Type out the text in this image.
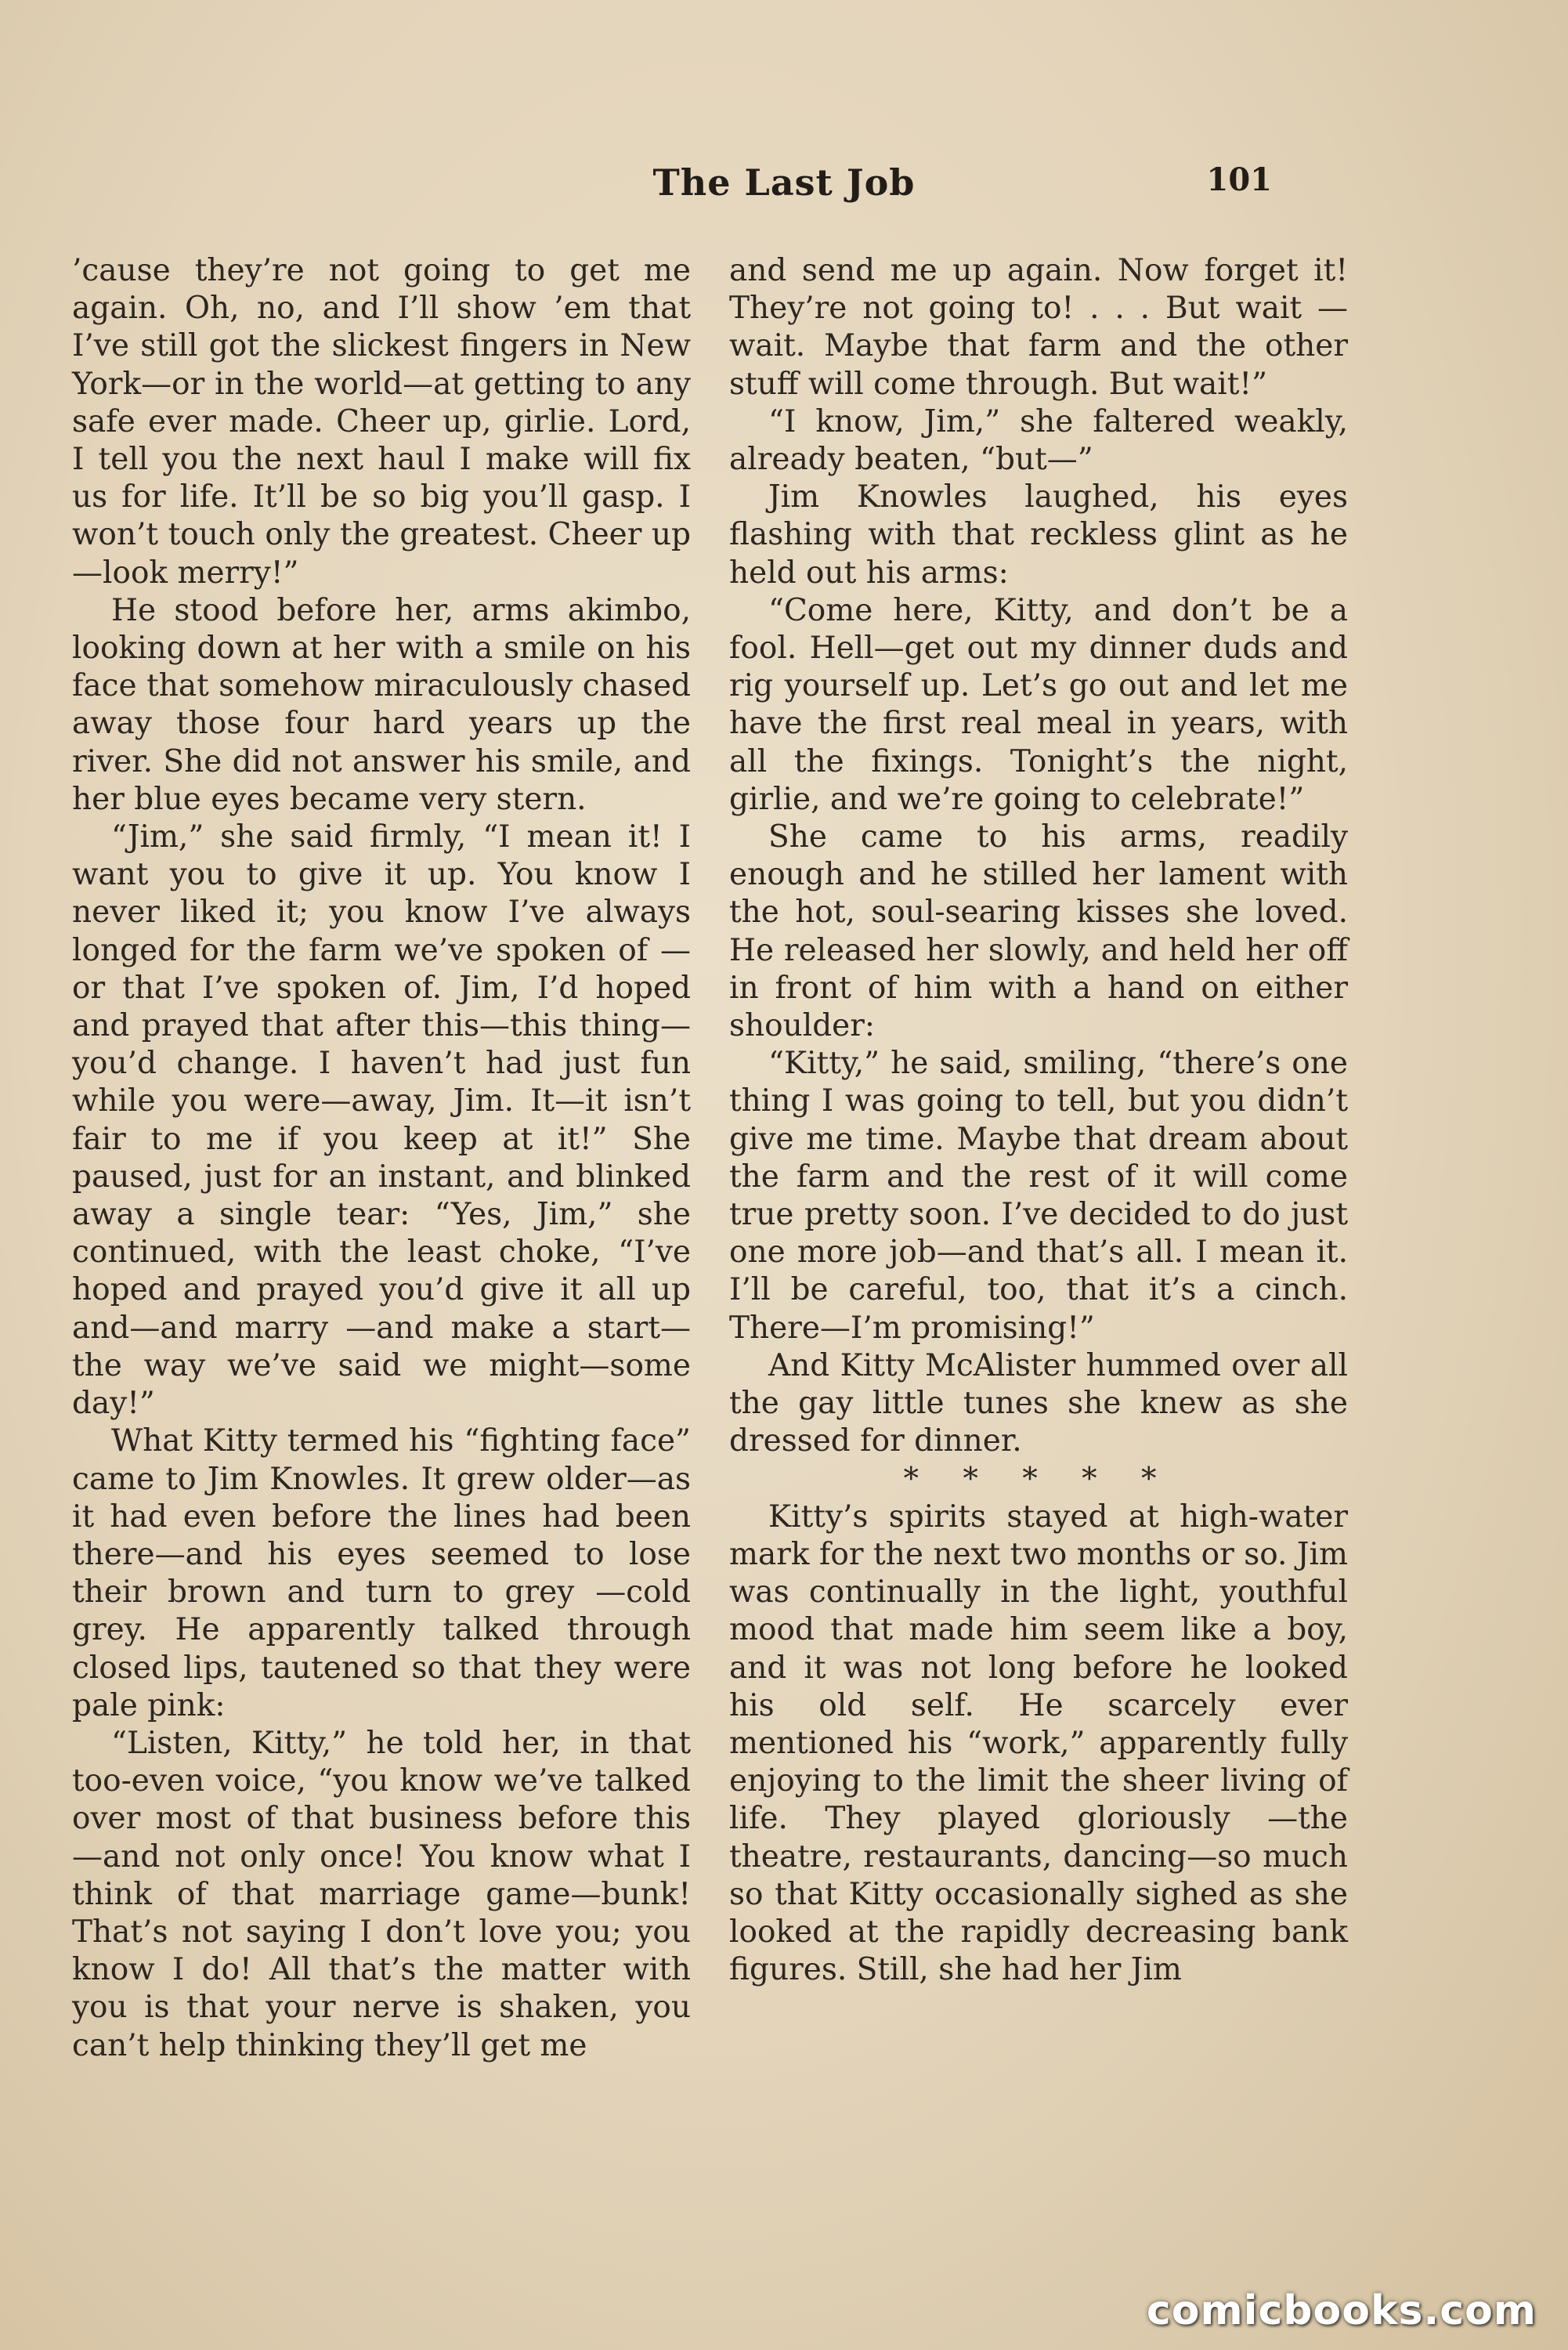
The Last Job	101

’cause they’re not going to get me again. Oh, no, and I’ll show ’em that I’ve still got the slickest fingers in New York—or in the world—at getting to any safe ever made. Cheer up, girlie. Lord, I tell you the next haul I make will fix us for life. It’ll be so big you’ll gasp. I won’t touch only the greatest. Cheer up—look merry!”

He stood before her, arms akimbo, looking down at her with a smile on his face that somehow miraculously chased away those four hard years up the river. She did not answer his smile, and her blue eyes became very stern.

“Jim,” she said firmly, “I mean it! I want you to give it up. You know I never liked it; you know I’ve always longed for the farm we’ve spoken of —or that I’ve spoken of. Jim, I’d hoped and prayed that after this—this thing—you’d change. I haven’t had just fun while you were—away, Jim. It—it isn’t fair to me if you keep at it!” She paused, just for an instant, and blinked away a single tear: “Yes, Jim,” she continued, with the least choke, “I’ve hoped and prayed you’d give it all up and—and marry —and make a start—the way we’ve said we might—some day!”

What Kitty termed his “fighting face” came to Jim Knowles. It grew older—as it had even before the lines had been there—and his eyes seemed to lose their brown and turn to grey —cold grey. He apparently talked through closed lips, tautened so that they were pale pink:

“Listen, Kitty,” he told her, in that too-even voice, “you know we’ve talked over most of that business before this —and not only once! You know what I think of that marriage game—bunk! That’s not saying I don’t love you; you know I do! All that’s the matter with you is that your nerve is shaken, you can’t help thinking they’ll get me

and send me up again. Now forget it! They’re not going to! . . . But wait —wait. Maybe that farm and the other stuff will come through. But wait!”

“I know, Jim,” she faltered weakly, already beaten, “but—”

Jim Knowles laughed, his eyes flashing with that reckless glint as he held out his arms:

“Come here, Kitty, and don’t be a fool. Hell—get out my dinner duds and rig yourself up. Let’s go out and let me have the first real meal in years, with all the fixings. Tonight’s the night, girlie, and we’re going to celebrate!”

She came to his arms, readily enough and he stilled her lament with the hot, soul-searing kisses she loved. He released her slowly, and held her off in front of him with a hand on either shoulder:

“Kitty,” he said, smiling, “there’s one thing I was going to tell, but you didn’t give me time. Maybe that dream about the farm and the rest of it will come true pretty soon. I’ve decided to do just one more job—and that’s all. I mean it. I’ll be careful, too, that it’s a cinch. There—I’m promising!”

And Kitty McAlister hummed over all the gay little tunes she knew as she dressed for dinner.

* * * * *

Kitty’s spirits stayed at high-water mark for the next two months or so. Jim was continually in the light, youthful mood that made him seem like a boy, and it was not long before he looked his old self. He scarcely ever mentioned his “work,” apparently fully enjoying to the limit the sheer living of life. They played gloriously —the theatre, restaurants, dancing—so much so that Kitty occasionally sighed as she looked at the rapidly decreasing bank figures. Still, she had her Jim

comicbooks.com
